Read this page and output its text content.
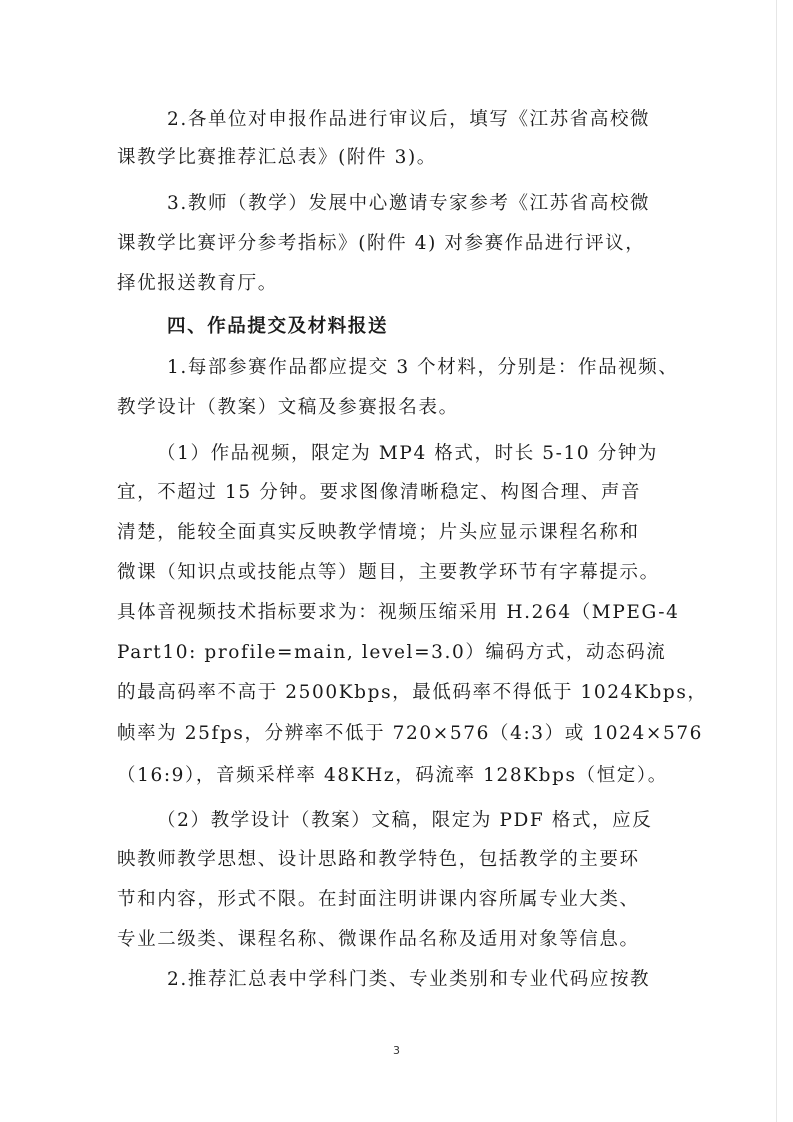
2.各单位对申报作品进行审议后，填写《江苏省高校微
课教学比赛推荐汇总表》(附件 3)。
3.教师（教学）发展中心邀请专家参考《江苏省高校微
课教学比赛评分参考指标》(附件 4) 对参赛作品进行评议，
择优报送教育厅。
四、作品提交及材料报送
1.每部参赛作品都应提交 3 个材料，分别是：作品视频、
教学设计（教案）文稿及参赛报名表。
（1）作品视频，限定为 MP4 格式，时长 5-10 分钟为
宜，不超过 15 分钟。要求图像清晰稳定、构图合理、声音
清楚，能较全面真实反映教学情境；片头应显示课程名称和
微课（知识点或技能点等）题目，主要教学环节有字幕提示。
具体音视频技术指标要求为：视频压缩采用 H.264（MPEG-4
Part10: profile=main, level=3.0）编码方式，动态码流
的最高码率不高于 2500Kbps，最低码率不得低于 1024Kbps，
帧率为 25fps，分辨率不低于 720×576（4:3）或 1024×576
（16:9），音频采样率 48KHz，码流率 128Kbps（恒定）。
（2）教学设计（教案）文稿，限定为 PDF 格式，应反
映教师教学思想、设计思路和教学特色，包括教学的主要环
节和内容，形式不限。在封面注明讲课内容所属专业大类、
专业二级类、课程名称、微课作品名称及适用对象等信息。
2.推荐汇总表中学科门类、专业类别和专业代码应按教
3
